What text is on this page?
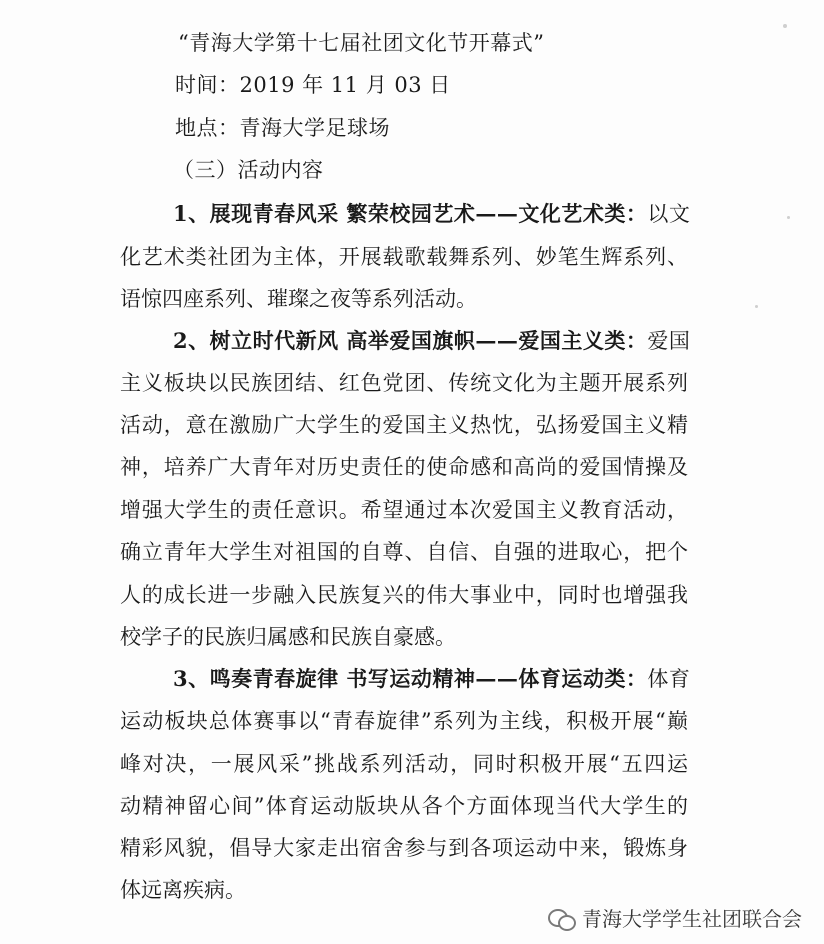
“青海大学第十七届社团文化节开幕式”
时间：2019 年 11 月 03 日
地点：青海大学足球场
（三）活动内容
1、展现青春风采 繁荣校园艺术——文化艺术类：以文
化艺术类社团为主体，开展载歌载舞系列、妙笔生辉系列、
语惊四座系列、璀璨之夜等系列活动。
2、树立时代新风 高举爱国旗帜——爱国主义类：爱国
主义板块以民族团结、红色党团、传统文化为主题开展系列
活动，意在激励广大学生的爱国主义热忱，弘扬爱国主义精
神，培养广大青年对历史责任的使命感和高尚的爱国情操及
增强大学生的责任意识。希望通过本次爱国主义教育活动，
确立青年大学生对祖国的自尊、自信、自强的进取心，把个
人的成长进一步融入民族复兴的伟大事业中，同时也增强我
校学子的民族归属感和民族自豪感。
3、鸣奏青春旋律 书写运动精神——体育运动类：体育
运动板块总体赛事以“青春旋律”系列为主线，积极开展“巅
峰对决，一展风采”挑战系列活动，同时积极开展“五四运
动精神留心间”体育运动版块从各个方面体现当代大学生的
精彩风貌，倡导大家走出宿舍参与到各项运动中来，锻炼身
体远离疾病。
青海大学学生社团联合会
